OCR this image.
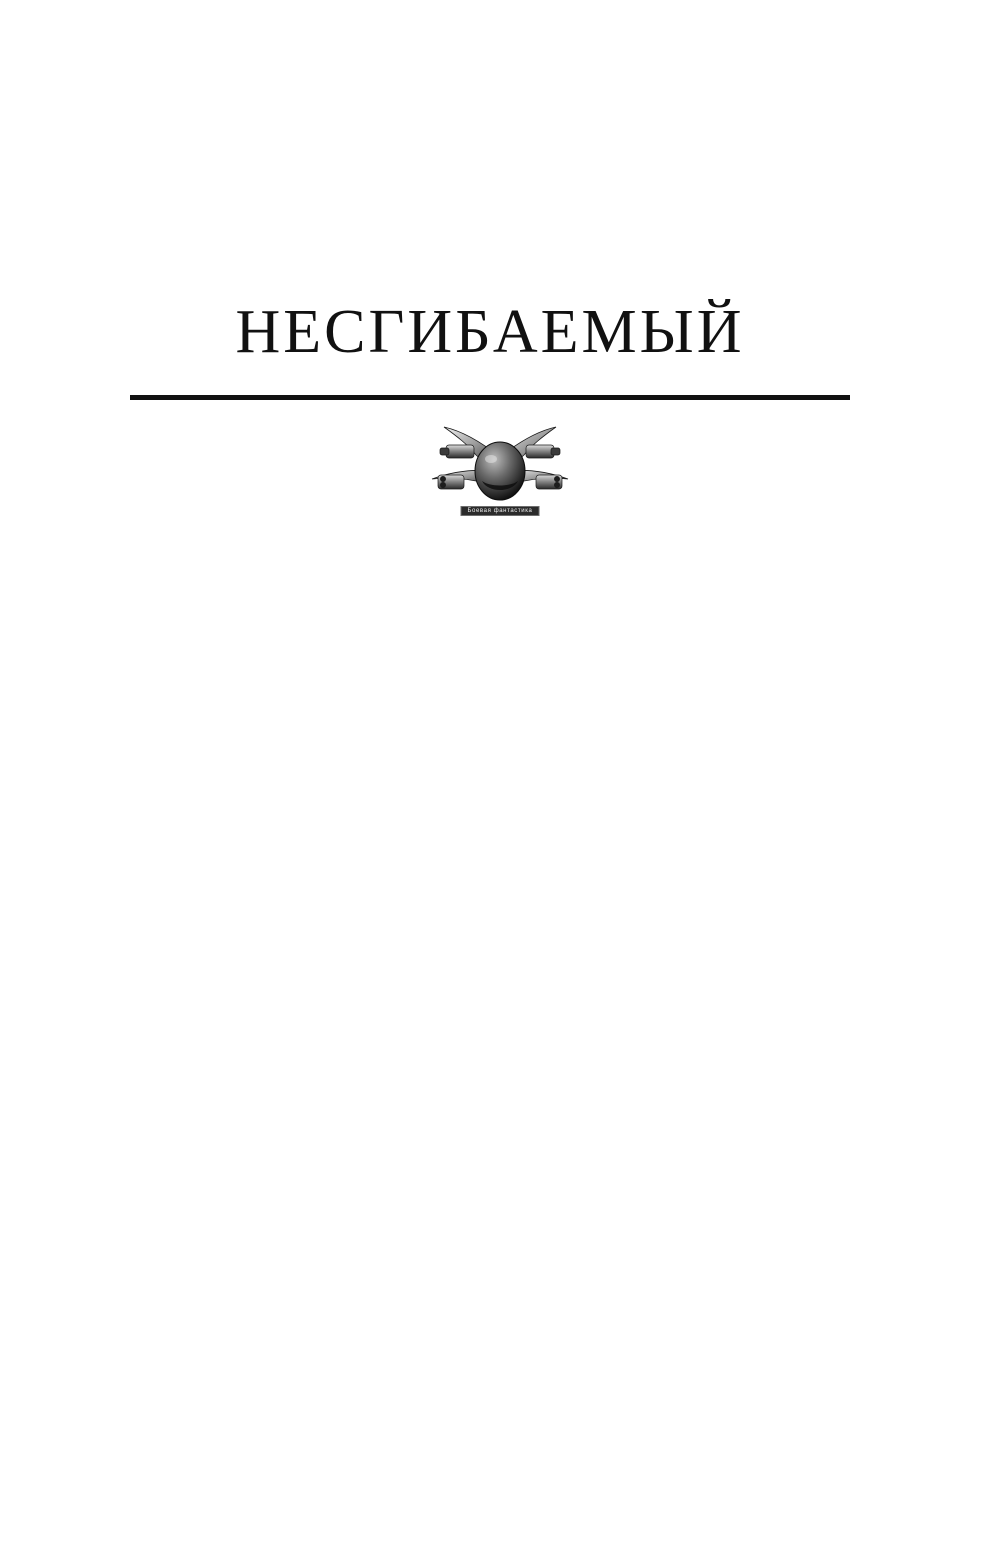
НЕСГИБАЕМЫЙ
Боевая фантастика
